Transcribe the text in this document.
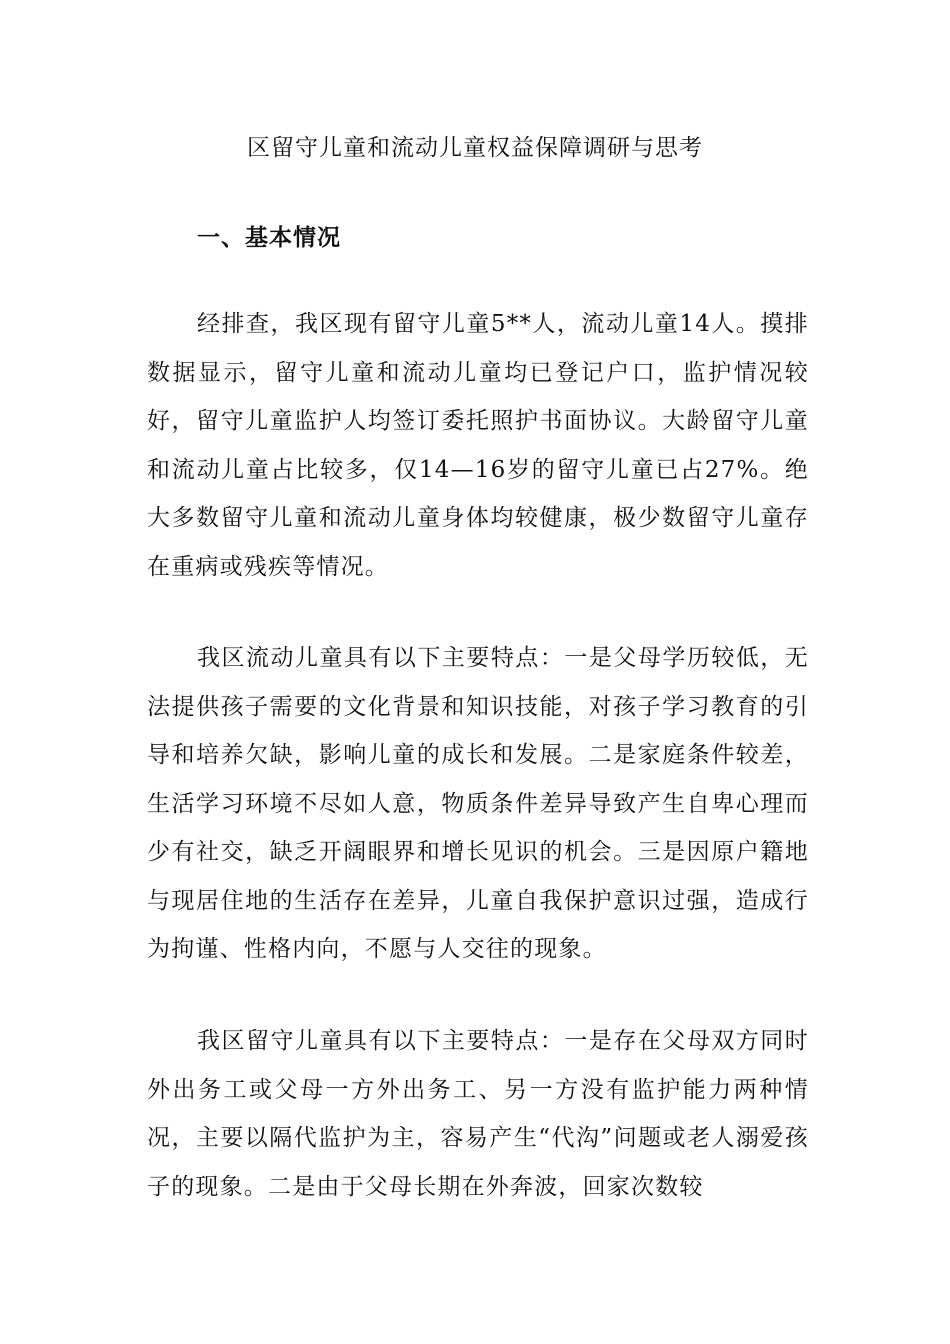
区留守儿童和流动儿童权益保障调研与思考
一、基本情况

经排查，我区现有留守儿童5**人，流动儿童14人。摸排数据显示，留守儿童和流动儿童均已登记户口，监护情况较好，留守儿童监护人均签订委托照护书面协议。大龄留守儿童和流动儿童占比较多，仅14—16岁的留守儿童已占27%。绝大多数留守儿童和流动儿童身体均较健康，极少数留守儿童存在重病或残疾等情况。

我区流动儿童具有以下主要特点：一是父母学历较低，无法提供孩子需要的文化背景和知识技能，对孩子学习教育的引导和培养欠缺，影响儿童的成长和发展。二是家庭条件较差，生活学习环境不尽如人意，物质条件差异导致产生自卑心理而少有社交，缺乏开阔眼界和增长见识的机会。三是因原户籍地与现居住地的生活存在差异，儿童自我保护意识过强，造成行为拘谨、性格内向，不愿与人交往的现象。

我区留守儿童具有以下主要特点：一是存在父母双方同时外出务工或父母一方外出务工、另一方没有监护能力两种情况，主要以隔代监护为主，容易产生“代沟”问题或老人溺爱孩子的现象。二是由于父母长期在外奔波，回家次数较
